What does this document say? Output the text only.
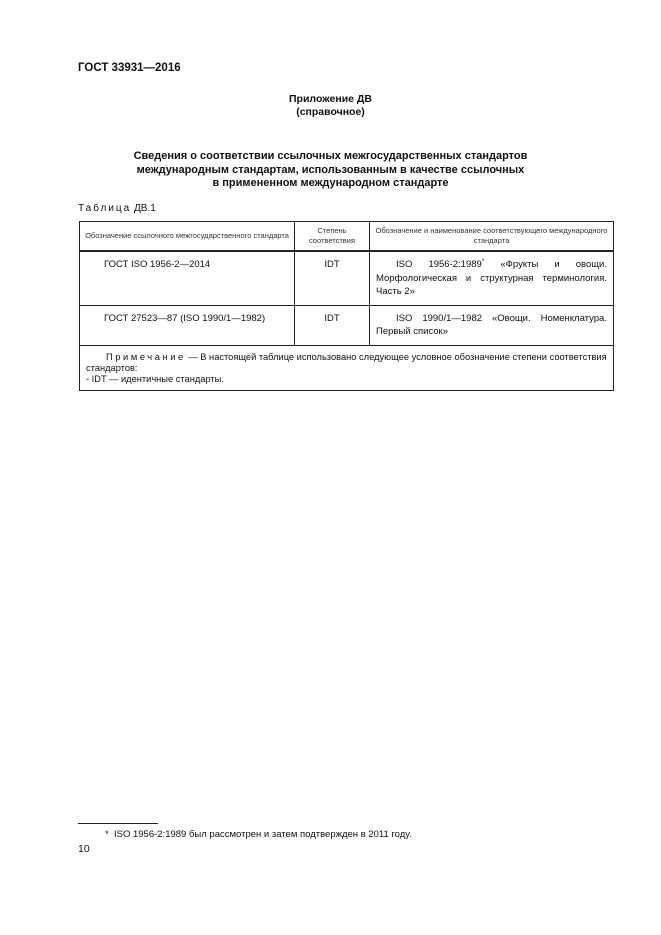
ГОСТ 33931—2016
Приложение ДВ
(справочное)
Сведения о соответствии ссылочных межгосударственных стандартов
международным стандартам, использованным в качестве ссылочных
в примененном международном стандарте
Таблица ДВ.1
Обозначение ссылочного межгосударственного стандарта	Степень соответствия	Обозначение и наименование соответствующего международного стандарта
ГОСТ ISO 1956-2—2014	IDT	ISO 1956-2:1989* «Фрукты и овощи. Морфологическая и структурная терминология. Часть 2»
ГОСТ 27523—87 (ISO 1990/1—1982)	IDT	ISO 1990/1—1982 «Овощи. Номенклатура. Первый список»
Примечание — В настоящей таблице использовано следующее условное обозначение степени соответствия стандартов:
- IDT — идентичные стандарты.		
* ISO 1956-2:1989 был рассмотрен и затем подтвержден в 2011 году.
10
